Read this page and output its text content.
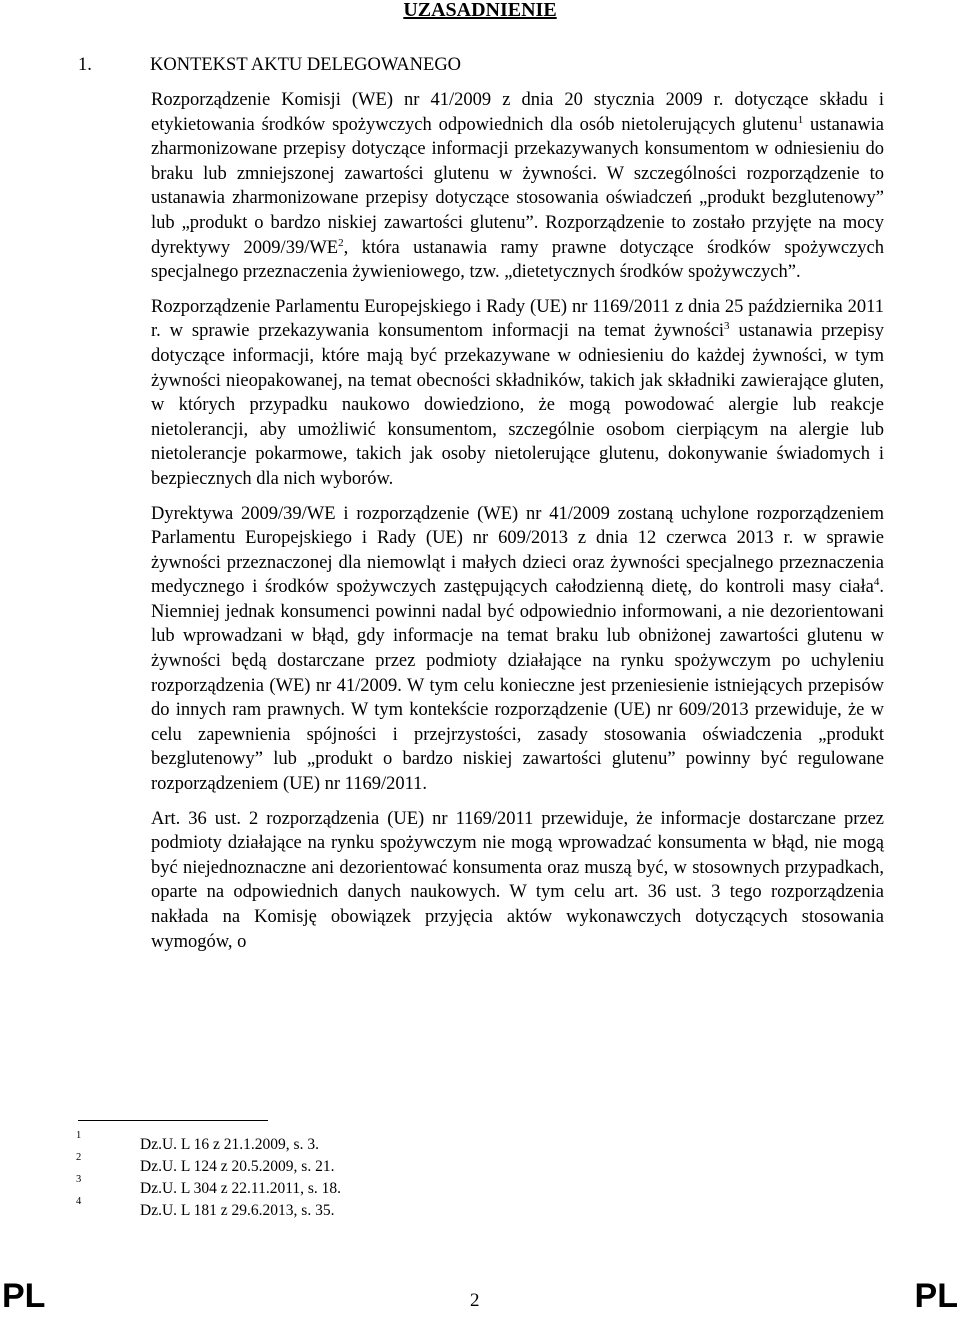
UZASADNIENIE
1.	KONTEKST AKTU DELEGOWANEGO

Rozporządzenie Komisji (WE) nr 41/2009 z dnia 20 stycznia 2009 r. dotyczące składu i etykietowania środków spożywczych odpowiednich dla osób nietolerujących glutenu$^1$ ustanawia zharmonizowane przepisy dotyczące informacji przekazywanych konsumentom w odniesieniu do braku lub zmniejszonej zawartości glutenu w żywności. W szczególności rozporządzenie to ustanawia zharmonizowane przepisy dotyczące stosowania oświadczeń „produkt bezglutenowy” lub „produkt o bardzo niskiej zawartości glutenu”. Rozporządzenie to zostało przyjęte na mocy dyrektywy $2009/39/WE^2$, która ustanawia ramy prawne dotyczące środków spożywczych specjalnego przeznaczenia żywieniowego, tzw. „dietetycznych środków spożywczych”.

Rozporządzenie Parlamentu Europejskiego i Rady (UE) nr 1169/2011 z dnia 25 października 2011 r. w sprawie przekazywania konsumentom informacji na temat żywności$^3$ ustanawia przepisy dotyczące informacji, które mają być przekazywane w odniesieniu do każdej żywności, w tym żywności nieopakowanej, na temat obecności składników, takich jak składniki zawierające gluten, w których przypadku naukowo dowiedziono, że mogą powodować alergie lub reakcje nietolerancji, aby umożliwić konsumentom, szczególnie osobom cierpiącym na alergie lub nietolerancje pokarmowe, takich jak osoby nietolerujące glutenu, dokonywanie świadomych i bezpiecznych dla nich wyborów.

Dyrektywa 2009/39/WE i rozporządzenie (WE) nr 41/2009 zostaną uchylone rozporządzeniem Parlamentu Europejskiego i Rady (UE) nr 609/2013 z dnia 12 czerwca 2013 r. w sprawie żywności przeznaczonej dla niemowląt i małych dzieci oraz żywności specjalnego przeznaczenia medycznego i środków spożywczych zastępujących całodzienną dietę, do kontroli masy ciała$^4$. Niemniej jednak konsumenci powinni nadal być odpowiednio informowani, a nie dezorientowani lub wprowadzani w błąd, gdy informacje na temat braku lub obniżonej zawartości glutenu w żywności będą dostarczane przez podmioty działające na rynku spożywczym po uchyleniu rozporządzenia (WE) nr 41/2009. W tym celu konieczne jest przeniesienie istniejących przepisów do innych ram prawnych. W tym kontekście rozporządzenie (UE) nr 609/2013 przewiduje, że w celu zapewnienia spójności i przejrzystości, zasady stosowania oświadczenia „produkt bezglutenowy” lub „produkt o bardzo niskiej zawartości glutenu” powinny być regulowane rozporządzeniem (UE) nr 1169/2011.

Art. 36 ust. 2 rozporządzenia (UE) nr 1169/2011 przewiduje, że informacje dostarczane przez podmioty działające na rynku spożywczym nie mogą wprowadzać konsumenta w błąd, nie mogą być niejednoznaczne ani dezorientować konsumenta oraz muszą być, w stosownych przypadkach, oparte na odpowiednich danych naukowych. W tym celu art. 36 ust. 3 tego rozporządzenia nakłada na Komisję obowiązek przyjęcia aktów wykonawczych dotyczących stosowania wymogów, o

1
Dz.U. L 16 z 21.1.2009, s. 3.
2
Dz.U. L 124 z 20.5.2009, s. 21.
3
Dz.U. L 304 z 22.11.2011, s. 18.
4
Dz.U. L 181 z 29.6.2013, s. 35.
PL	2	PL
